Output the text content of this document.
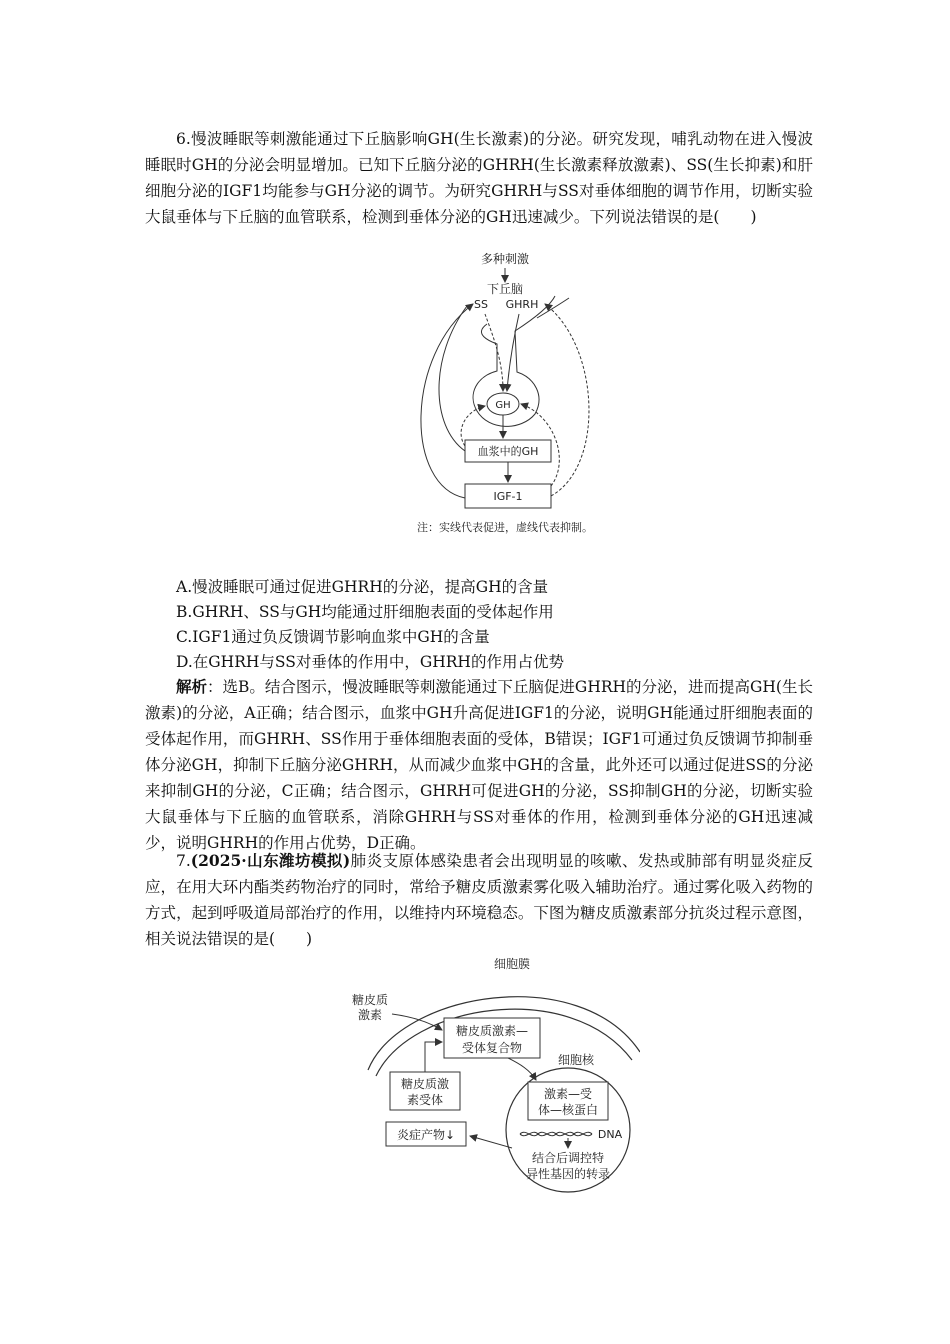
6.慢波睡眠等刺激能通过下丘脑影响GH(生长激素)的分泌。研究发现，哺乳动物在进入慢波睡眠时GH的分泌会明显增加。已知下丘脑分泌的GHRH(生长激素释放激素)、SS(生长抑素)和肝细胞分泌的IGF1均能参与GH分泌的调节。为研究GHRH与SS对垂体细胞的调节作用，切断实验大鼠垂体与下丘脑的血管联系，检测到垂体分泌的GH迅速减少。下列说法错误的是(　　)

多种刺激
下丘脑
SS GHRH
GH
血浆中的GH
IGF-1
注：实线代表促进，虚线代表抑制。

A.慢波睡眠可通过促进GHRH的分泌，提高GH的含量

B.GHRH、SS与GH均能通过肝细胞表面的受体起作用

C.IGF1通过负反馈调节影响血浆中GH的含量

D.在GHRH与SS对垂体的作用中，GHRH的作用占优势

解析：选B。结合图示，慢波睡眠等刺激能通过下丘脑促进GHRH的分泌，进而提高GH(生长激素)的分泌，A正确；结合图示，血浆中GH升高促进IGF1的分泌，说明GH能通过肝细胞表面的受体起作用，而GHRH、SS作用于垂体细胞表面的受体，B错误；IGF1可通过负反馈调节抑制垂体分泌GH，抑制下丘脑分泌GHRH，从而减少血浆中GH的含量，此外还可以通过促进SS的分泌来抑制GH的分泌，C正确；结合图示，GHRH可促进GH的分泌，SS抑制GH的分泌，切断实验大鼠垂体与下丘脑的血管联系，消除GHRH与SS对垂体的作用，检测到垂体分泌的GH迅速减少，说明GHRH的作用占优势，D正确。

7.(2025·山东潍坊模拟)肺炎支原体感染患者会出现明显的咳嗽、发热或肺部有明显炎症反应，在用大环内酯类药物治疗的同时，常给予糖皮质激素雾化吸入辅助治疗。通过雾化吸入药物的方式，起到呼吸道局部治疗的作用，以维持内环境稳态。下图为糖皮质激素部分抗炎过程示意图，相关说法错误的是(　　)

细胞膜
糖皮质
激素
糖皮质激素—
受体复合物
糖皮质激
素受体
细胞核
激素—受
体—核蛋白
DNA
结合后调控特
异性基因的转录
炎症产物↓
